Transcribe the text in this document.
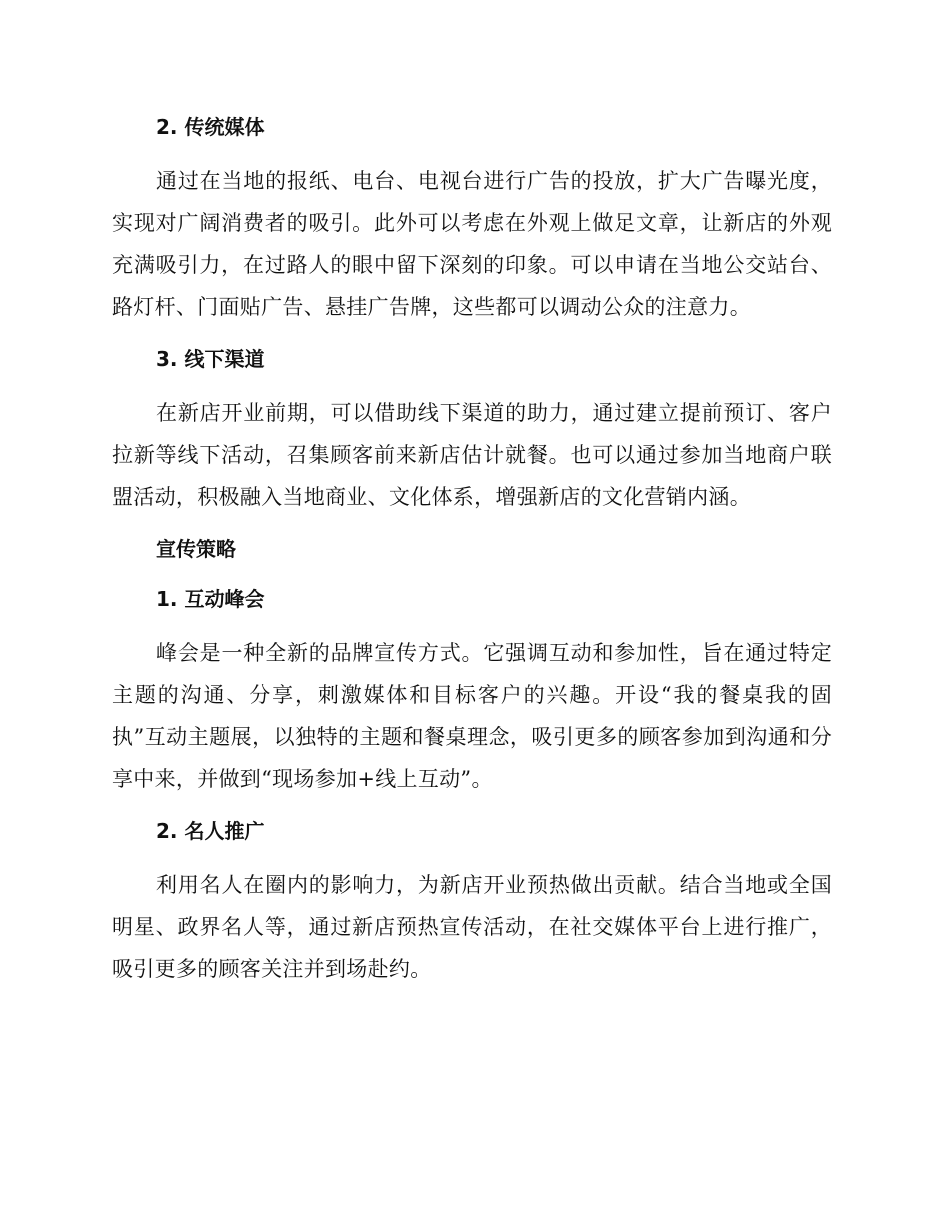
2. 传统媒体

通过在当地的报纸、电台、电视台进行广告的投放，扩大广告曝光度，实现对广阔消费者的吸引。此外可以考虑在外观上做足文章，让新店的外观充满吸引力，在过路人的眼中留下深刻的印象。可以申请在当地公交站台、路灯杆、门面贴广告、悬挂广告牌，这些都可以调动公众的注意力。

3. 线下渠道

在新店开业前期，可以借助线下渠道的助力，通过建立提前预订、客户拉新等线下活动，召集顾客前来新店估计就餐。也可以通过参加当地商户联盟活动，积极融入当地商业、文化体系，增强新店的文化营销内涵。

宣传策略

1. 互动峰会

峰会是一种全新的品牌宣传方式。它强调互动和参加性，旨在通过特定主题的沟通、分享，刺激媒体和目标客户的兴趣。开设“我的餐桌我的固执”互动主题展，以独特的主题和餐桌理念，吸引更多的顾客参加到沟通和分享中来，并做到“现场参加+线上互动”。

2. 名人推广

利用名人在圈内的影响力，为新店开业预热做出贡献。结合当地或全国明星、政界名人等，通过新店预热宣传活动，在社交媒体平台上进行推广，吸引更多的顾客关注并到场赴约。
